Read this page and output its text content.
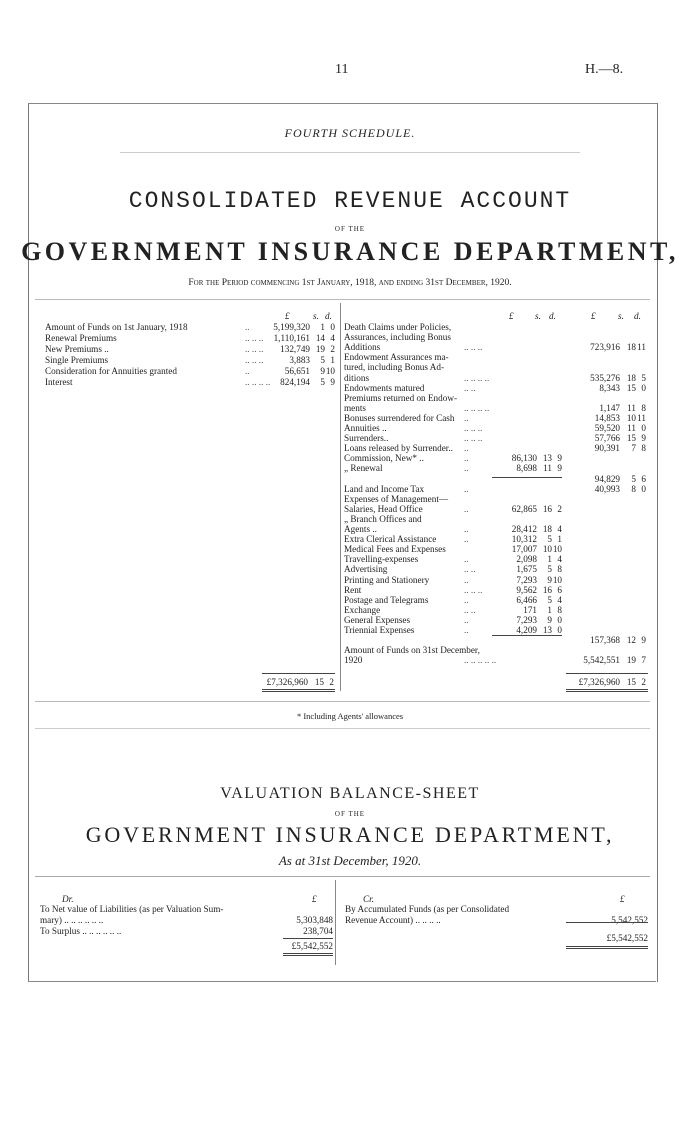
11	H.—8.
FOURTH SCHEDULE.
CONSOLIDATED REVENUE ACCOUNT
OF THE
GOVERNMENT INSURANCE DEPARTMENT,
For the Period commencing 1st January, 1918, and ending 31st December, 1920.
£	s. d.
Amount of Funds on 1st January, 1918	..	5,199,320 1 0
Renewal Premiums	.. .. .. 1,110,161 14 4
New Premiums ..	.. .. .. 132,749 19 2
Single Premiums	.. .. ..	3,883 5 1
Consideration for Annuities granted	..	56,651 9 10
Interest	.. .. .. .. 824,194 5 9
£7,326,960 15 2
£ s. d.	£ s. d.
Death Claims under Policies,
Assurances, including Bonus
Additions	.. .. ..	723,916 18 11
Endowment Assurances ma-
tured, including Bonus Ad-
ditions	.. .. .. ..	535,276 18 5
Endowments matured	.. ..	8,343 15 0
Premiums returned on Endow-
ments	.. .. .. ..	1,147 11 8
Bonuses surrendered for Cash ..	14,853 10 11
Annuities ..	.. .. ..	59,520 11 0
Surrenders..	.. .. ..	57,766 15 9
Loans released by Surrender.. ..	90,391 7 8
Commission, New* ..	..	86,130 13 9
„ Renewal	..	8,698 11 9
94,829 5 6
Land and Income Tax	..	40,993 8 0
Expenses of Management—
Salaries, Head Office	..	62,865 16 2
„ Branch Offices and
Agents ..	..	28,412 18 4
Extra Clerical Assistance	..	10,312 5 1
Medical Fees and Expenses	17,007 10 10
Travelling-expenses	..	2,098 1 4
Advertising	.. ..	1,675 5 8
Printing and Stationery	..	7,293 9 10
Rent	.. .. ..	9,562 16 6
Postage and Telegrams	..	6,466 5 4
Exchange	.. ..	171 1 8
General Expenses	..	7,293 9 0
Triennial Expenses	..	4,209 13 0
157,368 12 9
Amount of Funds on 31st December,
1920	.. .. .. .. ..	5,542,551 19 7
£7,326,960 15 2
* Including Agents' allowances
VALUATION BALANCE-SHEET
OF THE
GOVERNMENT INSURANCE DEPARTMENT,
As at 31st December, 1920.
Dr.	£	Cr.	£
To Net value of Liabilities (as per Valuation Sum-
mary) .. .. .. .. .. ..	5,303,848
To Surplus .. .. .. .. .. ..	238,704
By Accumulated Funds (as per Consolidated
Revenue Account) .. .. .. ..	5,542,552
£5,542,552
£5,542,552
